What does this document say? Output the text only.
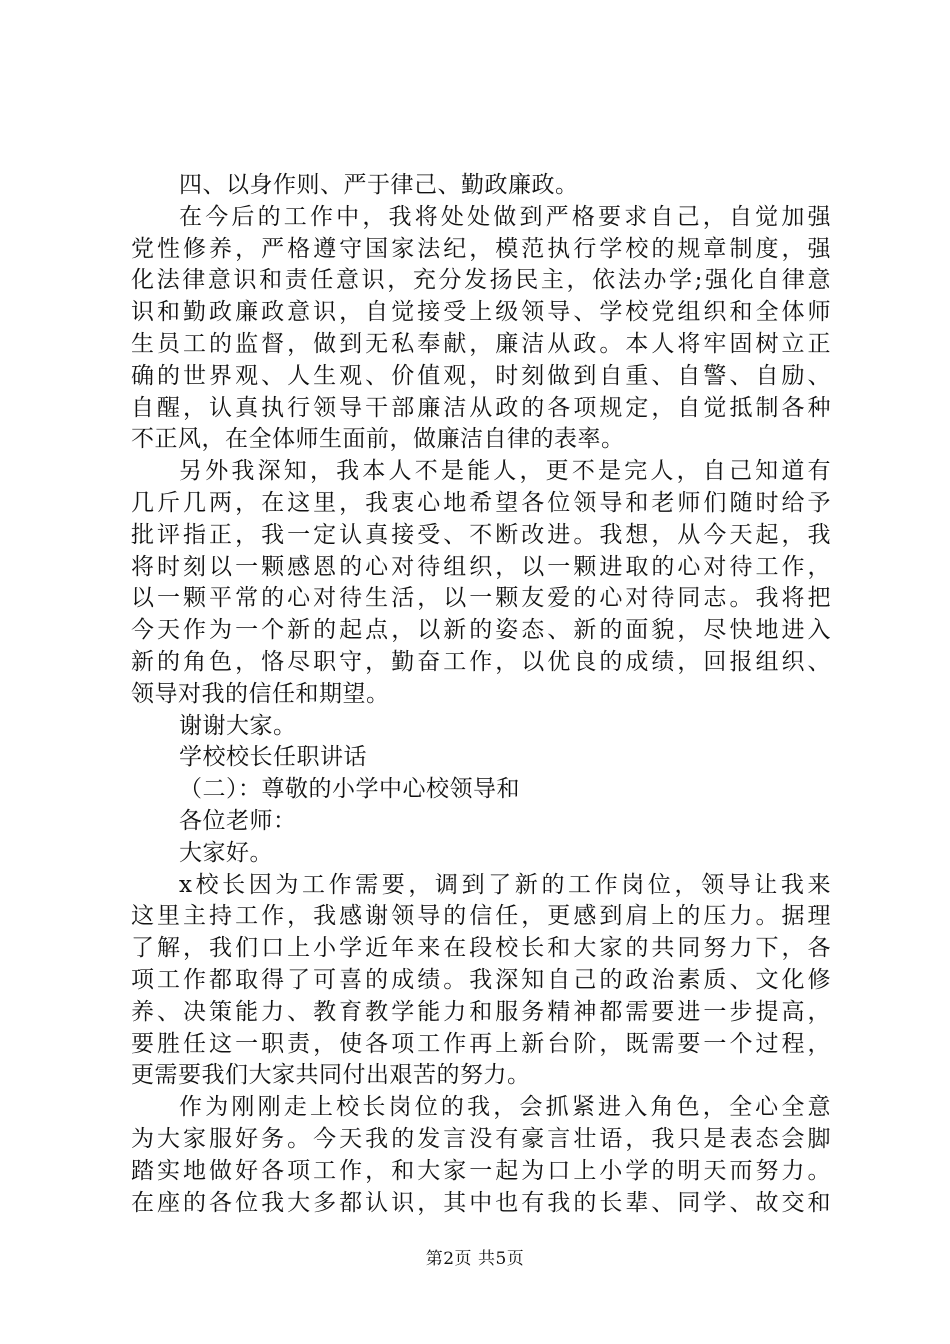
四、以身作则、严于律己、勤政廉政。
在今后的工作中，我将处处做到严格要求自己，自觉加强
党性修养，严格遵守国家法纪，模范执行学校的规章制度，强
化法律意识和责任意识，充分发扬民主，依法办学;强化自律意
识和勤政廉政意识，自觉接受上级领导、学校党组织和全体师
生员工的监督，做到无私奉献，廉洁从政。本人将牢固树立正
确的世界观、人生观、价值观，时刻做到自重、自警、自励、
自醒，认真执行领导干部廉洁从政的各项规定，自觉抵制各种
不正风，在全体师生面前，做廉洁自律的表率。
另外我深知，我本人不是能人，更不是完人，自己知道有
几斤几两，在这里，我衷心地希望各位领导和老师们随时给予
批评指正，我一定认真接受、不断改进。我想，从今天起，我
将时刻以一颗感恩的心对待组织，以一颗进取的心对待工作，
以一颗平常的心对待生活，以一颗友爱的心对待同志。我将把
今天作为一个新的起点，以新的姿态、新的面貌，尽快地进入
新的角色，恪尽职守，勤奋工作，以优良的成绩，回报组织、
领导对我的信任和期望。
谢谢大家。
学校校长任职讲话
（二）：尊敬的小学中心校领导和
各位老师：
大家好。
x校长因为工作需要，调到了新的工作岗位，领导让我来
这里主持工作，我感谢领导的信任，更感到肩上的压力。据理
了解，我们口上小学近年来在段校长和大家的共同努力下，各
项工作都取得了可喜的成绩。我深知自己的政治素质、文化修
养、决策能力、教育教学能力和服务精神都需要进一步提高，
要胜任这一职责，使各项工作再上新台阶，既需要一个过程，
更需要我们大家共同付出艰苦的努力。
作为刚刚走上校长岗位的我，会抓紧进入角色，全心全意
为大家服好务。今天我的发言没有豪言壮语，我只是表态会脚
踏实地做好各项工作，和大家一起为口上小学的明天而努力。
在座的各位我大多都认识，其中也有我的长辈、同学、故交和
第2页 共5页
